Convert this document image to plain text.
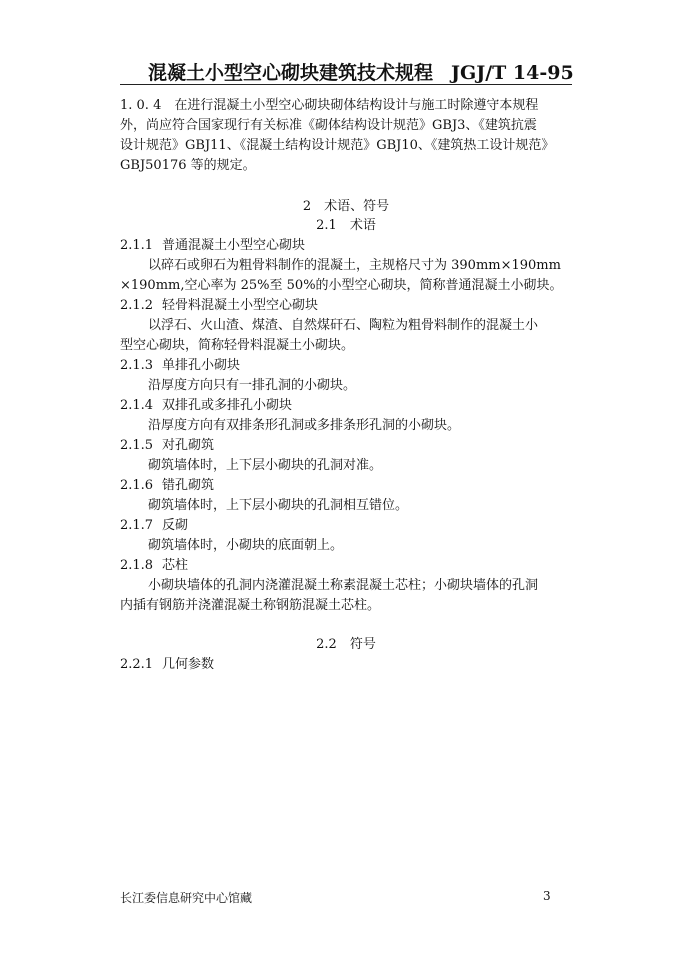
混凝土小型空心砌块建筑技术规程 JGJ/T 14-95
1. 0. 4　在进行混凝土小型空心砌块砌体结构设计与施工时除遵守本规程
外，尚应符合国家现行有关标准《砌体结构设计规范》GBJ3、《建筑抗震
设计规范》GBJ11、《混凝土结构设计规范》GBJ10、《建筑热工设计规范》
GBJ50176 等的规定。
2　术语、符号
2.1　术语
2.1.1 普通混凝土小型空心砌块
以碎石或卵石为粗骨料制作的混凝土，主规格尺寸为 390mm×190mm
×190mm,空心率为 25%至 50%的小型空心砌块，简称普通混凝土小砌块。
2.1.2 轻骨料混凝土小型空心砌块
以浮石、火山渣、煤渣、自然煤矸石、陶粒为粗骨料制作的混凝土小
型空心砌块，简称轻骨料混凝土小砌块。
2.1.3 单排孔小砌块
沿厚度方向只有一排孔洞的小砌块。
2.1.4 双排孔或多排孔小砌块
沿厚度方向有双排条形孔洞或多排条形孔洞的小砌块。
2.1.5 对孔砌筑
砌筑墙体时，上下层小砌块的孔洞对准。
2.1.6 错孔砌筑
砌筑墙体时，上下层小砌块的孔洞相互错位。
2.1.7 反砌
砌筑墙体时，小砌块的底面朝上。
2.1.8 芯柱
小砌块墙体的孔洞内浇灌混凝土称素混凝土芯柱；小砌块墙体的孔洞
内插有钢筋并浇灌混凝土称钢筋混凝土芯柱。
2.2　符号
2.2.1 几何参数
长江委信息研究中心馆藏	3
